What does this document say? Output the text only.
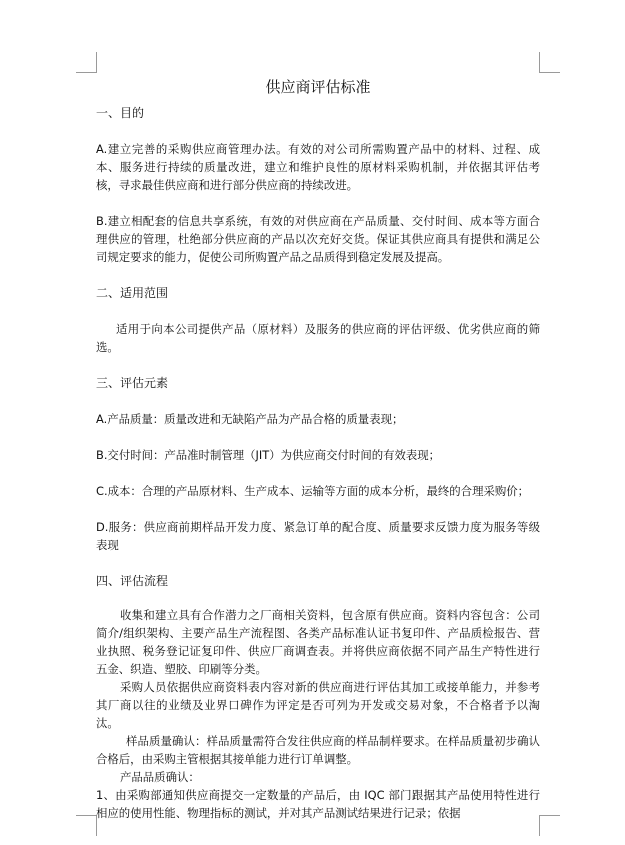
供应商评估标准
一、目的

A.建立完善的采购供应商管理办法。有效的对公司所需购置产品中的材料、过程、成本、服务进行持续的质量改进，建立和维护良性的原材料采购机制，并依据其评估考核，寻求最佳供应商和进行部分供应商的持续改进。

B.建立相配套的信息共享系统，有效的对供应商在产品质量、交付时间、成本等方面合理供应的管理，杜绝部分供应商的产品以次充好交货。保证其供应商具有提供和满足公司规定要求的能力，促使公司所购置产品之品质得到稳定发展及提高。

二、适用范围

适用于向本公司提供产品（原材料）及服务的供应商的评估评级、优劣供应商的筛选。

三、评估元素

A.产品质量：质量改进和无缺陷产品为产品合格的质量表现；

B.交付时间：产品准时制管理（JIT）为供应商交付时间的有效表现；

C.成本：合理的产品原材料、生产成本、运输等方面的成本分析，最终的合理采购价；

D.服务：供应商前期样品开发力度、紧急订单的配合度、质量要求反馈力度为服务等级表现

四、评估流程

收集和建立具有合作潜力之厂商相关资料，包含原有供应商。资料内容包含：公司简介/组织架构、主要产品生产流程图、各类产品标准认证书复印件、产品质检报告、营业执照、税务登记证复印件、供应厂商调查表。并将供应商依据不同产品生产特性进行五金、织造、塑胶、印刷等分类。

采购人员依据供应商资料表内容对新的供应商进行评估其加工或接单能力，并参考其厂商以往的业绩及业界口碑作为评定是否可列为开发或交易对象，不合格者予以淘汰。

样品质量确认：样品质量需符合发往供应商的样品制样要求。在样品质量初步确认合格后，由采购主管根据其接单能力进行订单调整。

产品品质确认：

1、由采购部通知供应商提交一定数量的产品后，由 IQC 部门跟据其产品使用特性进行相应的使用性能、物理指标的测试，并对其产品测试结果进行记录；依据
